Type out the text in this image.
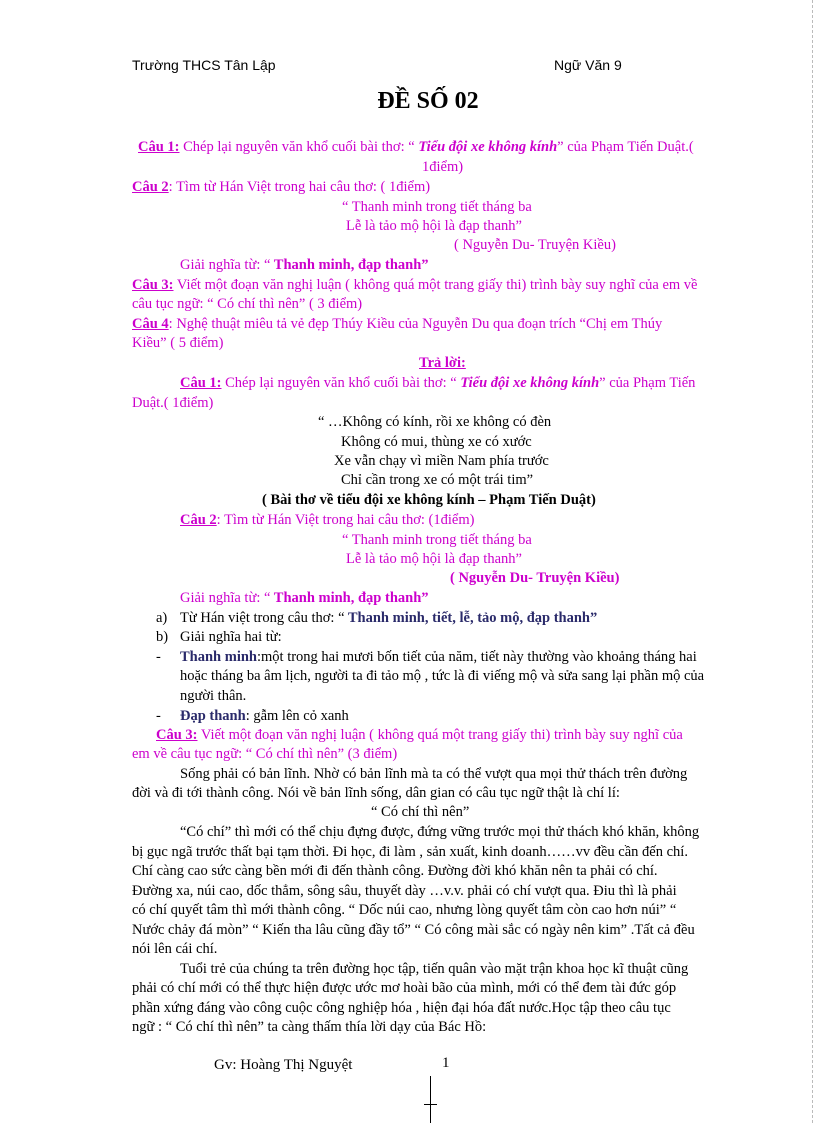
Trường THCS Tân Lập	Ngữ Văn 9
ĐỀ SỐ 02
Câu 1: Chép lại nguyên văn khổ cuối bài thơ: “ Tiểu đội xe không kính” của Phạm Tiến Duật.(
1điểm)
Câu 2: Tìm từ Hán Việt trong hai câu thơ: ( 1điểm)
“ Thanh minh trong tiết tháng ba
Lễ là tảo mộ hội là đạp thanh”
( Nguyễn Du- Truyện Kiều)
Giải nghĩa từ: “ Thanh minh, đạp thanh”
Câu 3: Viết một đoạn văn nghị luận ( không quá một trang giấy thi) trình bày suy nghĩ của em về
câu tục ngữ: “ Có chí thì nên” ( 3 điểm)
Câu 4: Nghệ thuật miêu tả vẻ đẹp Thúy Kiều của Nguyễn Du qua đoạn trích “Chị em Thúy
Kiều” ( 5 điểm)
Trả lời:
Câu 1: Chép lại nguyên văn khổ cuối bài thơ: “ Tiểu đội xe không kính” của Phạm Tiến
Duật.( 1điểm)
“ …Không có kính, rồi xe không có đèn
Không có mui, thùng xe có xước
Xe vẫn chạy vì miền Nam phía trước
Chỉ cần trong xe có một trái tim”
( Bài thơ về tiểu đội xe không kính – Phạm Tiến Duật)
Câu 2: Tìm từ Hán Việt trong hai câu thơ: (1điểm)
“ Thanh minh trong tiết tháng ba
Lễ là tảo mộ hội là đạp thanh”
( Nguyễn Du- Truyện Kiều)
Giải nghĩa từ: “ Thanh minh, đạp thanh”
a) Từ Hán việt trong câu thơ: “ Thanh minh, tiết, lễ, tảo mộ, đạp thanh”
b) Giải nghĩa hai từ:
- Thanh minh:một trong hai mươi bốn tiết của năm, tiết này thường vào khoảng tháng hai
hoặc tháng ba âm lịch, người ta đi tảo mộ , tức là đi viếng mộ và sửa sang lại phần mộ của
người thân.
- Đạp thanh: gẫm lên cỏ xanh
Câu 3: Viết một đoạn văn nghị luận ( không quá một trang giấy thi) trình bày suy nghĩ của
em về câu tục ngữ: “ Có chí thì nên” (3 điểm)
Sống phải có bản lĩnh. Nhờ có bản lĩnh mà ta có thể vượt qua mọi thử thách trên đường
đời và đi tới thành công. Nói về bản lĩnh sống, dân gian có câu tục ngữ thật là chí lí:
“ Có chí thì nên”
“Có chí” thì mới có thể chịu đựng được, đứng vững trước mọi thử thách khó khăn, không
bị gục ngã trước thất bại tạm thời. Đi học, đi làm , sản xuất, kinh doanh……vv đều cần đến chí.
Chí càng cao sức càng bền mới đi đến thành công. Đường đời khó khăn nên ta phải có chí.
Đường xa, núi cao, dốc thẳm, sông sâu, thuyết dày …v.v. phải có chí vượt qua. Điu thì là phải
có chí quyết tâm thì mới thành công. “ Dốc núi cao, nhưng lòng quyết tâm còn cao hơn núi” “
Nước chảy đá mòn” “ Kiến tha lâu cũng đầy tổ” “ Có công mài sắc có ngày nên kim” .Tất cả đều
nói lên cái chí.
Tuổi trẻ của chúng ta trên đường học tập, tiến quân vào mặt trận khoa học kĩ thuật cũng
phải có chí mới có thể thực hiện được ước mơ hoài bão của mình, mới có thể đem tài đức góp
phần xứng đáng vào công cuộc công nghiệp hóa , hiện đại hóa đất nước.Học tập theo câu tục
ngữ : “ Có chí thì nên” ta càng thấm thía lời dạy của Bác Hồ:
Gv: Hoàng Thị Nguyệt	1
